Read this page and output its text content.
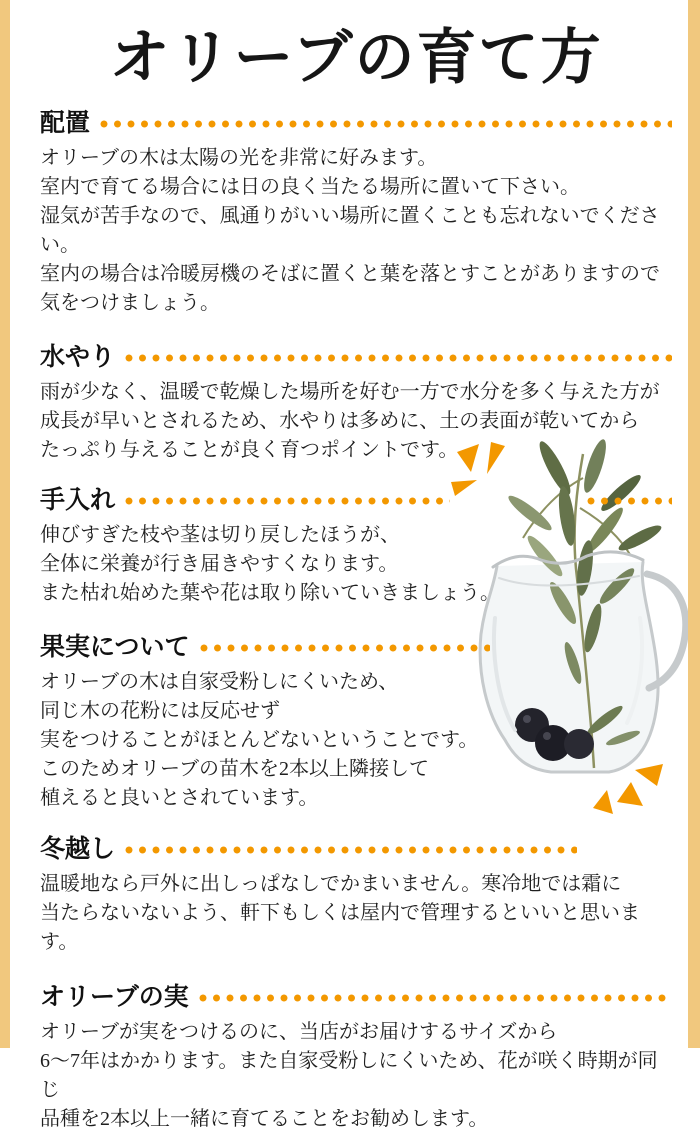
オリーブの育て方
配置

オリーブの木は太陽の光を非常に好みます。

室内で育てる場合には日の良く当たる場所に置いて下さい。

湿気が苦手なので、風通りがいい場所に置くことも忘れないでください。

室内の場合は冷暖房機のそばに置くと葉を落とすことがありますので

気をつけましょう。

水やり

雨が少なく、温暖で乾燥した場所を好む一方で水分を多く与えた方が

成長が早いとされるため、水やりは多めに、土の表面が乾いてから

たっぷり与えることが良く育つポイントです。

手入れ

伸びすぎた枝や茎は切り戻したほうが、

全体に栄養が行き届きやすくなります。

また枯れ始めた葉や花は取り除いていきましょう。

果実について

オリーブの木は自家受粉しにくいため、

同じ木の花粉には反応せず

実をつけることがほとんどないということです。

このためオリーブの苗木を2本以上隣接して

植えると良いとされています。

冬越し

温暖地なら戸外に出しっぱなしでかまいません。寒冷地では霜に

当たらないないよう、軒下もしくは屋内で管理するといいと思います。

オリーブの実

オリーブが実をつけるのに、当店がお届けするサイズから

6～7年はかかります。また自家受粉しにくいため、花が咲く時期が同じ

品種を2本以上一緒に育てることをお勧めします。
